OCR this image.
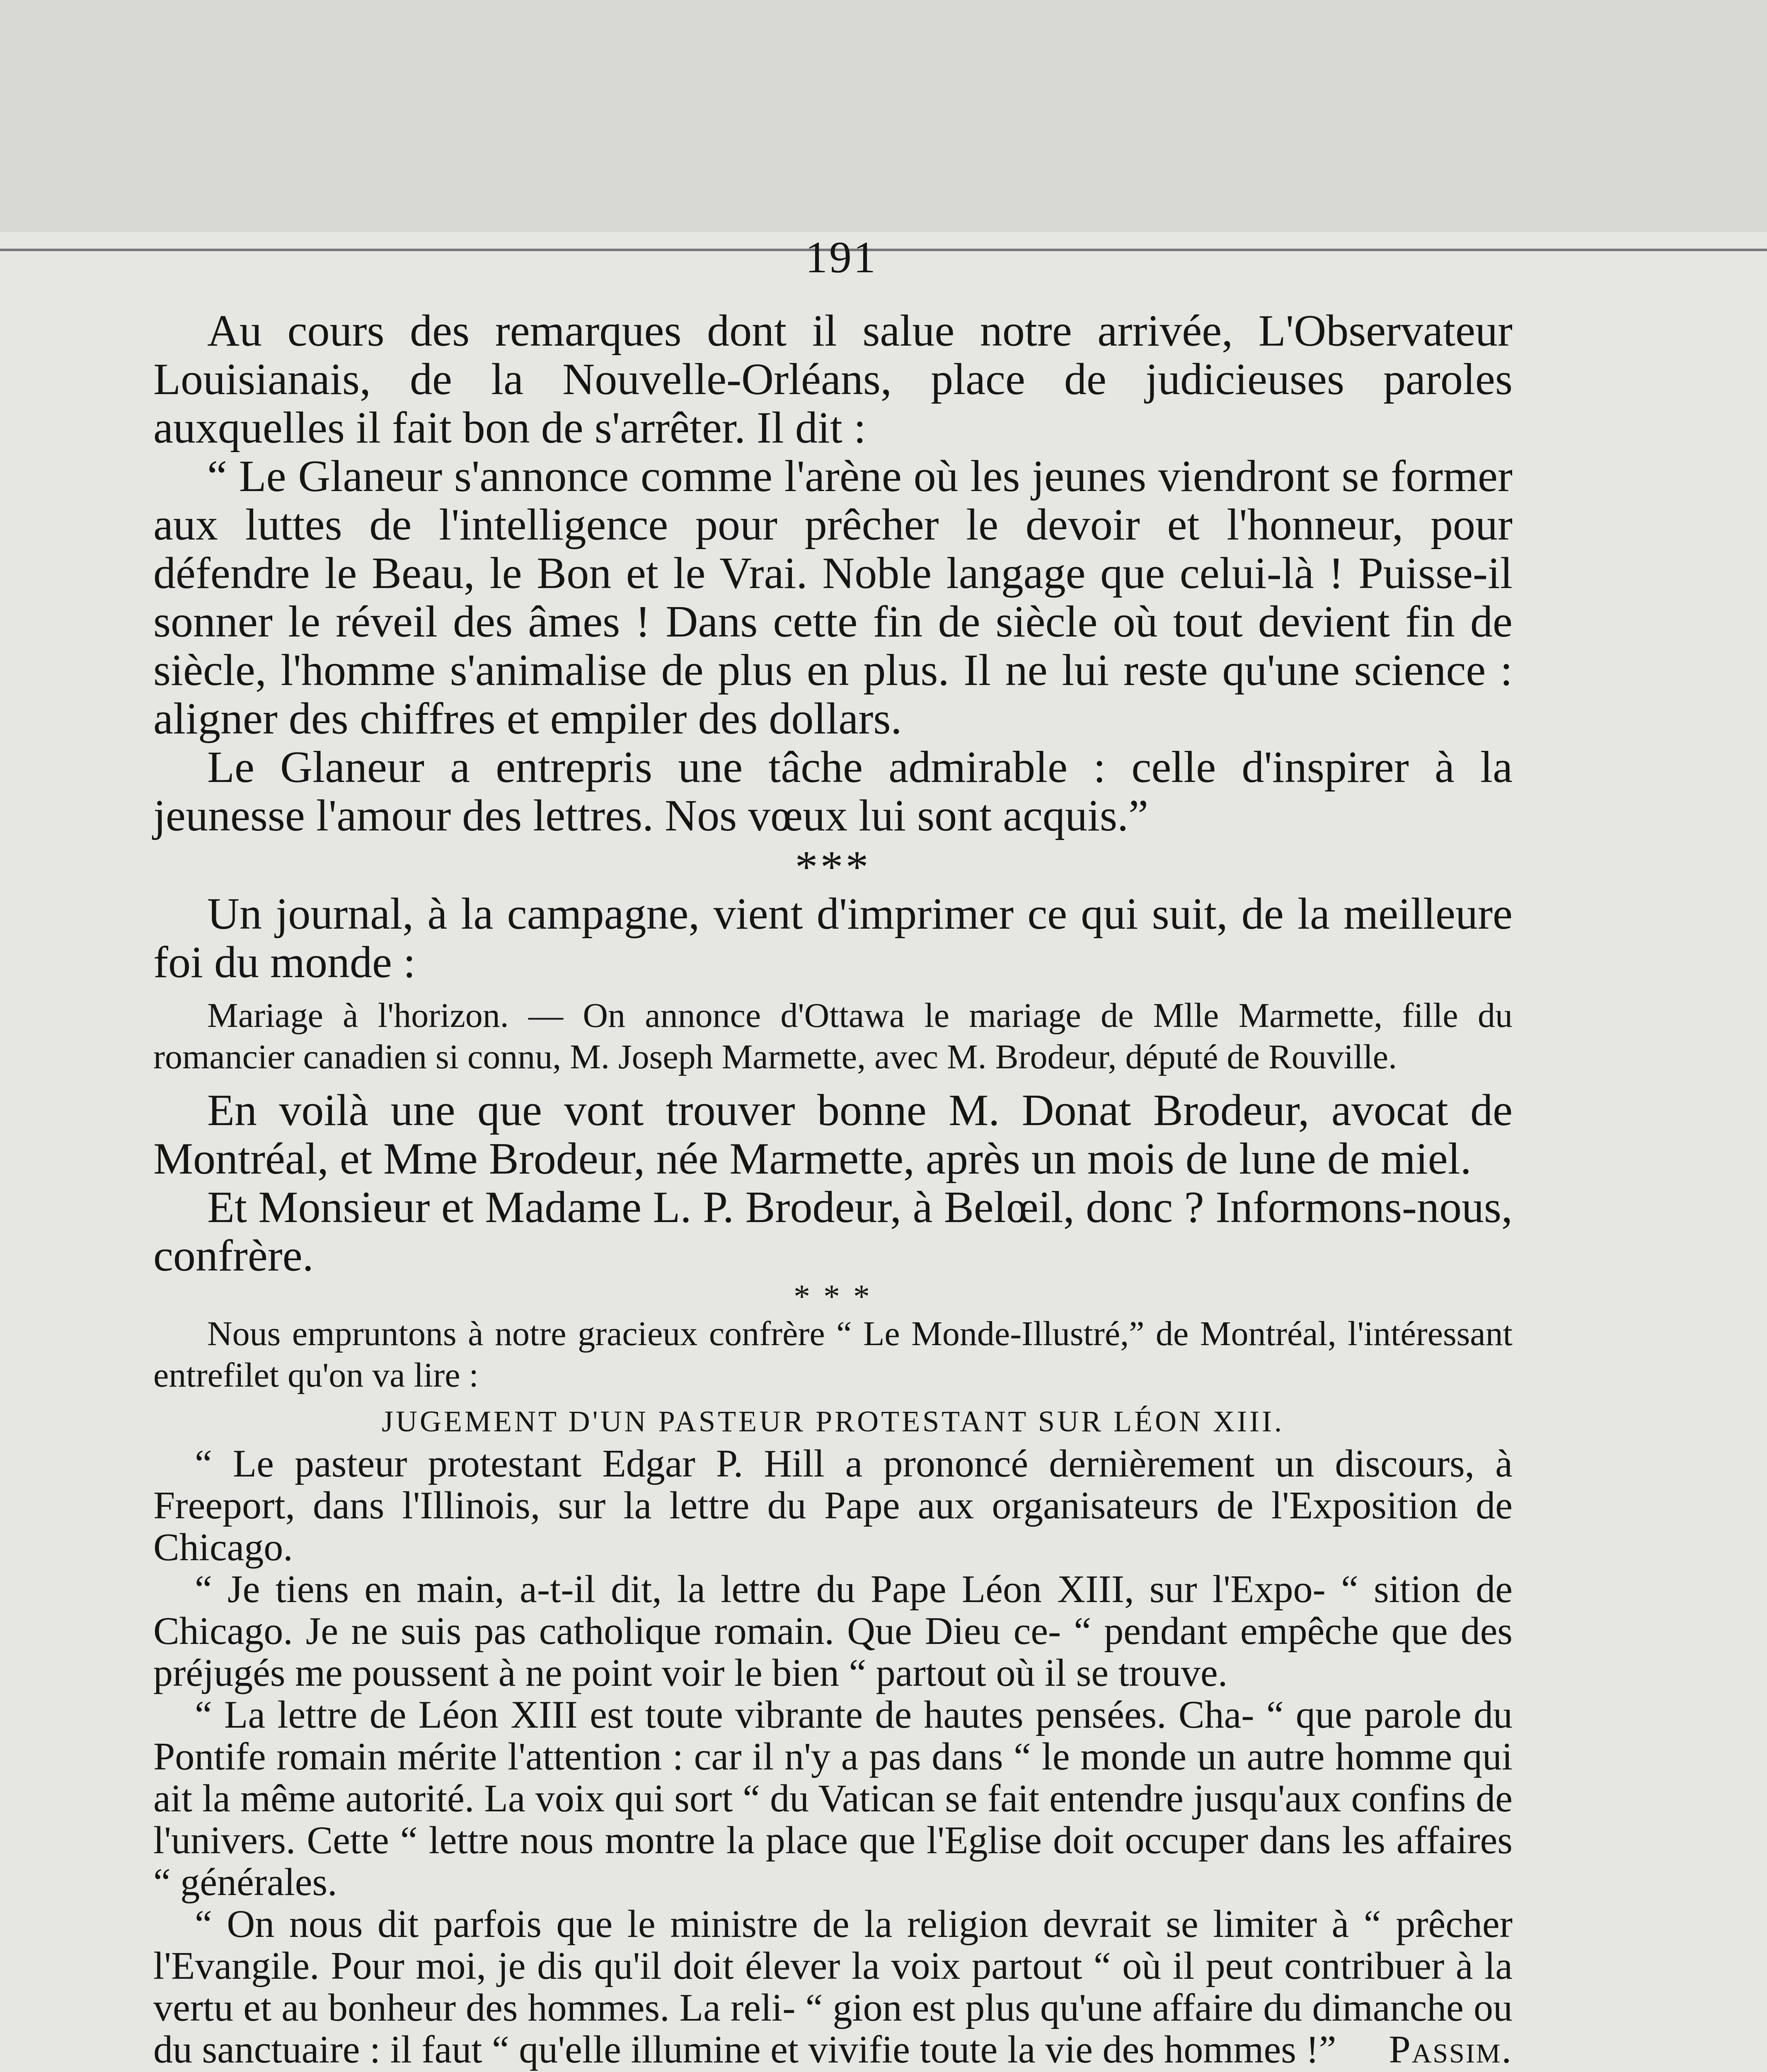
191

Au cours des remarques dont il salue notre arrivée, L'Observateur Louisianais, de la Nouvelle-Orléans, place de judicieuses paroles auxquelles il fait bon de s'arrêter. Il dit :

“ Le Glaneur s'annonce comme l'arène où les jeunes viendront se former aux luttes de l'intelligence pour prêcher le devoir et l'honneur, pour défendre le Beau, le Bon et le Vrai. Noble langage que celui-là ! Puisse-il sonner le réveil des âmes ! Dans cette fin de siècle où tout devient fin de siècle, l'homme s'animalise de plus en plus. Il ne lui reste qu'une science : aligner des chiffres et empiler des dollars.

Le Glaneur a entrepris une tâche admirable : celle d'inspirer à la jeunesse l'amour des lettres. Nos vœux lui sont acquis.”

***

Un journal, à la campagne, vient d'imprimer ce qui suit, de la meilleure foi du monde :

Mariage à l'horizon. — On annonce d'Ottawa le mariage de Mlle Marmette, fille du romancier canadien si connu, M. Joseph Marmette, avec M. Brodeur, député de Rouville.

En voilà une que vont trouver bonne M. Donat Brodeur, avocat de Montréal, et Mme Brodeur, née Marmette, après un mois de lune de miel.

Et Monsieur et Madame L. P. Brodeur, à Belœil, donc ? Informons-nous, confrère.

* * *

Nous empruntons à notre gracieux confrère “ Le Monde-Illustré,” de Montréal, l'intéressant entrefilet qu'on va lire :

JUGEMENT D'UN PASTEUR PROTESTANT SUR LÉON XIII.

“ Le pasteur protestant Edgar P. Hill a prononcé dernièrement un discours, à Freeport, dans l'Illinois, sur la lettre du Pape aux organisateurs de l'Exposition de Chicago.

“ Je tiens en main, a-t-il dit, la lettre du Pape Léon XIII, sur l'Expo- “ sition de Chicago. Je ne suis pas catholique romain. Que Dieu ce- “ pendant empêche que des préjugés me poussent à ne point voir le bien “ partout où il se trouve.

“ La lettre de Léon XIII est toute vibrante de hautes pensées. Cha- “ que parole du Pontife romain mérite l'attention : car il n'y a pas dans “ le monde un autre homme qui ait la même autorité. La voix qui sort “ du Vatican se fait entendre jusqu'aux confins de l'univers. Cette “ lettre nous montre la place que l'Eglise doit occuper dans les affaires “ générales.

“ On nous dit parfois que le ministre de la religion devrait se limiter à “ prêcher l'Evangile. Pour moi, je dis qu'il doit élever la voix partout “ où il peut contribuer à la vertu et au bonheur des hommes. La reli- “ gion est plus qu'une affaire du dimanche ou du sanctuaire : il faut “ qu'elle illumine et vivifie toute la vie des hommes !”	Passim.
